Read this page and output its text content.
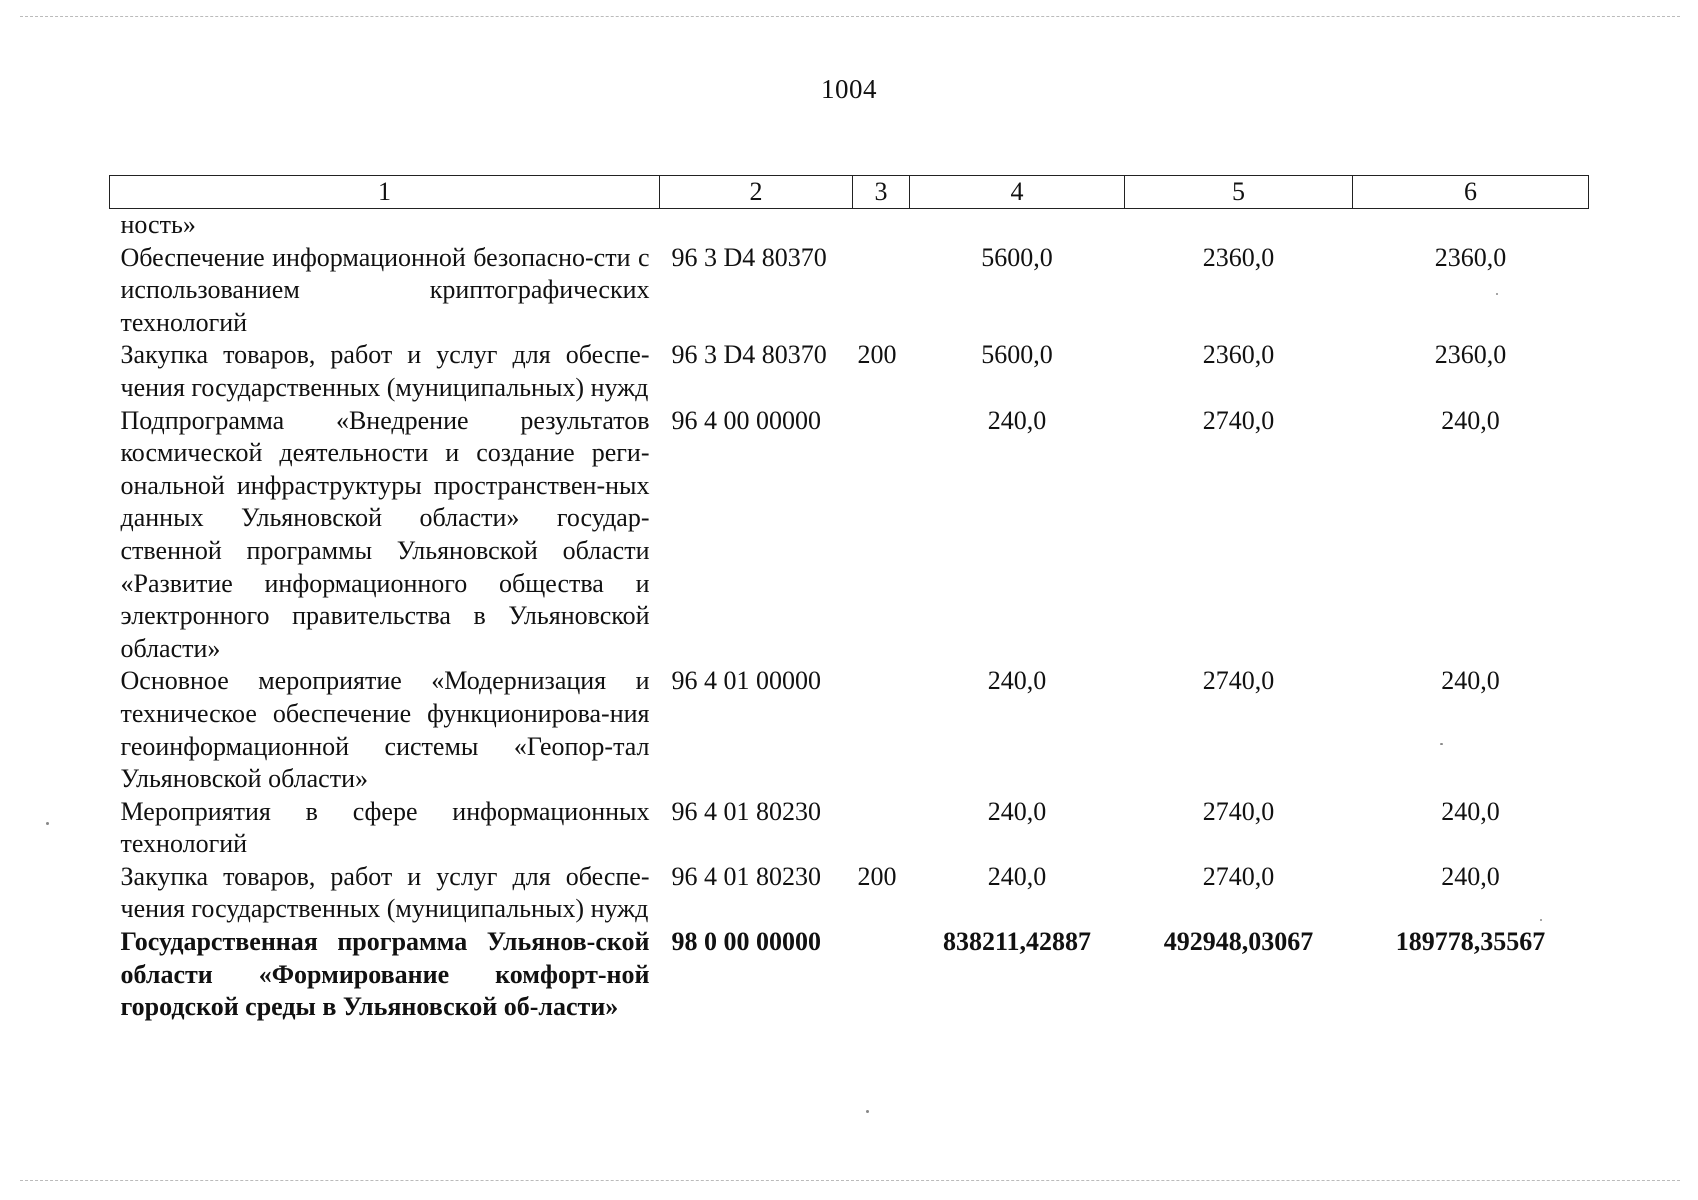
1004
1	2	3	4	5	6
ность»					
Обеспечение информационной безопасно-сти с использованием криптографических технологий	96 3 D4 80370		5600,0	2360,0	2360,0
Закупка товаров, работ и услуг для обеспе-чения государственных (муниципальных) нужд	96 3 D4 80370	200	5600,0	2360,0	2360,0
Подпрограмма «Внедрение результатов космической деятельности и создание реги-ональной инфраструктуры пространствен-ных данных Ульяновской области» государ-ственной программы Ульяновской области «Развитие информационного общества и электронного правительства в Ульяновской области»	96 4 00 00000		240,0	2740,0	240,0
Основное мероприятие «Модернизация и техническое обеспечение функционирова-ния геоинформационной системы «Геопор-тал Ульяновской области»	96 4 01 00000		240,0	2740,0	240,0
Мероприятия в сфере информационных технологий	96 4 01 80230		240,0	2740,0	240,0
Закупка товаров, работ и услуг для обеспе-чения государственных (муниципальных) нужд	96 4 01 80230	200	240,0	2740,0	240,0
Государственная программа Ульянов-ской области «Формирование комфорт-ной городской среды в Ульяновской об-ласти»	98 0 00 00000		838211,42887	492948,03067	189778,35567
